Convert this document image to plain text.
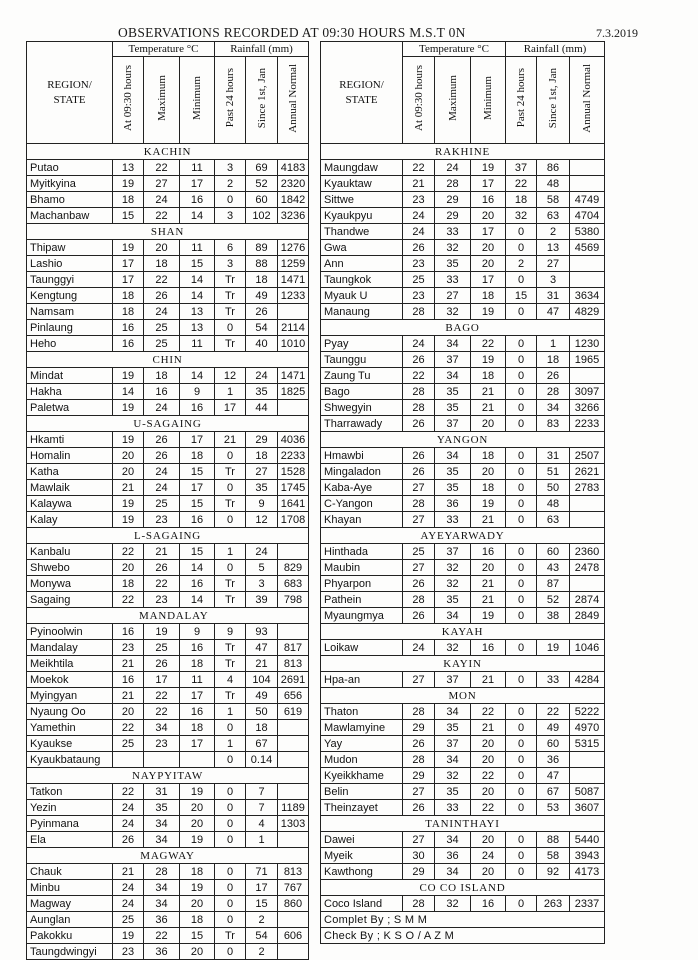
OBSERVATIONS RECORDED AT 09:30 HOURS M.S.T 0N	7.3.2019
REGION/
STATE	Temperature °C			Rainfall (mm)		
	At 09:30 hours	Maximum	Minimum	Past 24 hours	Since 1st, Jan	Annual Normal
KACHIN						
Putao	13	22	11	3	69	4183
Myitkyina	19	27	17	2	52	2320
Bhamo	18	24	16	0	60	1842
Machanbaw	15	22	14	3	102	3236
SHAN						
Thipaw	19	20	11	6	89	1276
Lashio	17	18	15	3	88	1259
Taunggyi	17	22	14	Tr	18	1471
Kengtung	18	26	14	Tr	49	1233
Namsam	18	24	13	Tr	26	
Pinlaung	16	25	13	0	54	2114
Heho	16	25	11	Tr	40	1010
CHIN						
Mindat	19	18	14	12	24	1471
Hakha	14	16	9	1	35	1825
Paletwa	19	24	16	17	44	
U-SAGAING						
Hkamti	19	26	17	21	29	4036
Homalin	20	26	18	0	18	2233
Katha	20	24	15	Tr	27	1528
Mawlaik	21	24	17	0	35	1745
Kalaywa	19	25	15	Tr	9	1641
Kalay	19	23	16	0	12	1708
L-SAGAING						
Kanbalu	22	21	15	1	24	
Shwebo	20	26	14	0	5	829
Monywa	18	22	16	Tr	3	683
Sagaing	22	23	14	Tr	39	798
MANDALAY						
Pyinoolwin	16	19	9	9	93	
Mandalay	23	25	16	Tr	47	817
Meikhtila	21	26	18	Tr	21	813
Moekok	16	17	11	4	104	2691
Myingyan	21	22	17	Tr	49	656
Nyaung Oo	20	22	16	1	50	619
Yamethin	22	34	18	0	18	
Kyaukse	25	23	17	1	67	
Kyaukbataung				0	0.14	
NAYPYITAW						
Tatkon	22	31	19	0	7	
Yezin	24	35	20	0	7	1189
Pyinmana	24	34	20	0	4	1303
Ela	26	34	19	0	1	
MAGWAY						
Chauk	21	28	18	0	71	813
Minbu	24	34	19	0	17	767
Magway	24	34	20	0	15	860
Aunglan	25	36	18	0	2	
Pakokku	19	22	15	Tr	54	606
Taungdwingyi	23	36	20	0	2	
REGION/
STATE	Temperature °C			Rainfall (mm)		
	At 09:30 hours	Maximum	Minimum	Past 24 hours	Since 1st, Jan	Annual Normal
RAKHINE						
Maungdaw	22	24	19	37	86	
Kyauktaw	21	28	17	22	48	
Sittwe	23	29	16	18	58	4749
Kyaukpyu	24	29	20	32	63	4704
Thandwe	24	33	17	0	2	5380
Gwa	26	32	20	0	13	4569
Ann	23	35	20	2	27	
Taungkok	25	33	17	0	3	
Myauk U	23	27	18	15	31	3634
Manaung	28	32	19	0	47	4829
BAGO						
Pyay	24	34	22	0	1	1230
Taunggu	26	37	19	0	18	1965
Zaung Tu	22	34	18	0	26	
Bago	28	35	21	0	28	3097
Shwegyin	28	35	21	0	34	3266
Tharrawady	26	37	20	0	83	2233
YANGON						
Hmawbi	26	34	18	0	31	2507
Mingaladon	26	35	20	0	51	2621
Kaba-Aye	27	35	18	0	50	2783
C-Yangon	28	36	19	0	48	
Khayan	27	33	21	0	63	
AYEYARWADY						
Hinthada	25	37	16	0	60	2360
Maubin	27	32	20	0	43	2478
Phyarpon	26	32	21	0	87	
Pathein	28	35	21	0	52	2874
Myaungmya	26	34	19	0	38	2849
KAYAH						
Loikaw	24	32	16	0	19	1046
KAYIN						
Hpa-an	27	37	21	0	33	4284
MON						
Thaton	28	34	22	0	22	5222
Mawlamyine	29	35	21	0	49	4970
Yay	26	37	20	0	60	5315
Mudon	28	34	20	0	36	
Kyeikkhame	29	32	22	0	47	
Belin	27	35	20	0	67	5087
Theinzayet	26	33	22	0	53	3607
TANINTHAYI						
Dawei	27	34	20	0	88	5440
Myeik	30	36	24	0	58	3943
Kawthong	29	34	20	0	92	4173
CO CO ISLAND						
Coco Island	28	32	16	0	263	2337
Complet By ; S M M						
Check By ; K S O / A Z M						
